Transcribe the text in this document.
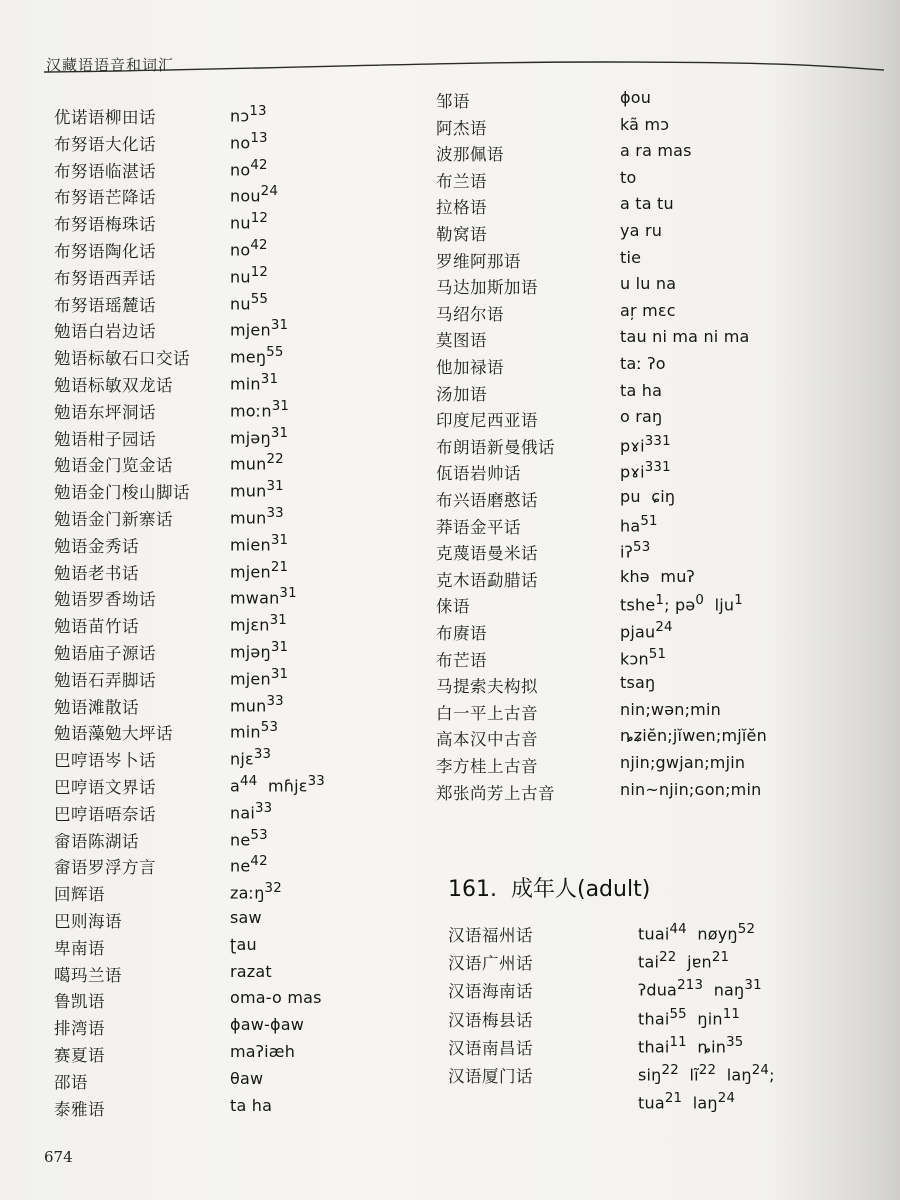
汉藏语语音和词汇
优诺语柳田话	nɔ$^{13}$
布努语大化话	$no^{13}$
布努语临湛话	$no^{42}$
布努语芒降话	nou$^{24}$
布努语梅珠话	$nu^{12}$
布努语陶化话	$no^{42}$
布努语西弄话	$nu^{12}$
布努语瑶麓话	$nu^{55}$
勉语白岩边话	mjen$^{31}$
勉语标敏石口交话	meŋ$^{55}$
勉语标敏双龙话	$\min^{31}$
勉语东坪洞话	moːn$^{31}$
勉语柑子园话	mjəŋ$^{31}$
勉语金门览金话	mun$^{22}$
勉语金门梭山脚话	mun$^{31}$
勉语金门新寨话	mun$^{33}$
勉语金秀话	mien$^{31}$
勉语老书话	mjen$^{21}$
勉语罗香坳话	mwan$^{31}$
勉语苗竹话	mjɛn$^{31}$
勉语庙子源话	mjəŋ$^{31}$
勉语石弄脚话	mjen$^{31}$
勉语滩散话	mun$^{33}$
勉语藻勉大坪话	$\min^{53}$
巴哼语岑卜话	njɛ$^{33}$
巴哼语文界话	$a^{44}$  mɦjɛ$^{33}$
巴哼语唔奈话	nai$^{33}$
畲语陈湖话	$ne^{53}$
畲语罗浮方言	$ne^{42}$
回辉语	zaːŋ$^{32}$
巴则海语	saw
卑南语	ʈau
噶玛兰语	razat
鲁凯语	oma-o mas
排湾语	ɸaw-ɸaw
赛夏语	maʔiæh
邵语	θaw
泰雅语	ta ha
邹语	ɸou
阿杰语	kã mɔ
波那佩语	a ra mas
布兰语	to
拉格语	a ta tu
勒窝语	ya ru
罗维阿那语	tie
马达加斯加语	u lu na
马绍尔语	aŗ mɛc
莫图语	tau ni ma ni ma
他加禄语	taː ʔo
汤加语	ta ha
印度尼西亚语	o raŋ
布朗语新曼俄话	pɤi$^{331}$
佤语岩帅话	pɤi$^{331}$
布兴语磨憨话	pu  ɕiŋ
莽语金平话	$ha^{51}$
克蔑语曼米话	iʔ$^{53}$
克木语勐腊话	khə  muʔ
俫语	tshe$^1$; pə$^0$  lju$^1$
布赓语	pjau$^{24}$
布芒语	kɔn$^{51}$
马提索夫构拟	tsaŋ
白一平上古音	nin;wən;min
高本汉中古音	ȵʑiĕn;jĭwen;mjĭĕn
李方桂上古音	njin;gwjan;mjin
郑张尚芳上古音	nin~njin;ɢon;min
161. 成年人(adult)
汉语福州话	tuai$^{44}$  nøyŋ$^{52}$
汉语广州话	tai$^{22}$  jɐn$^{21}$
汉语海南话	ʔdua$^{213}$  naŋ$^{31}$
汉语梅县话	thai$^{55}$  ŋin$^{11}$
汉语南昌话	thai$^{11}$  ȵin$^{35}$
汉语厦门话	siŋ$^{22}$  $lĩ^{22}$  laŋ$^{24}$;
tua$^{21}$  laŋ$^{24}$
674
